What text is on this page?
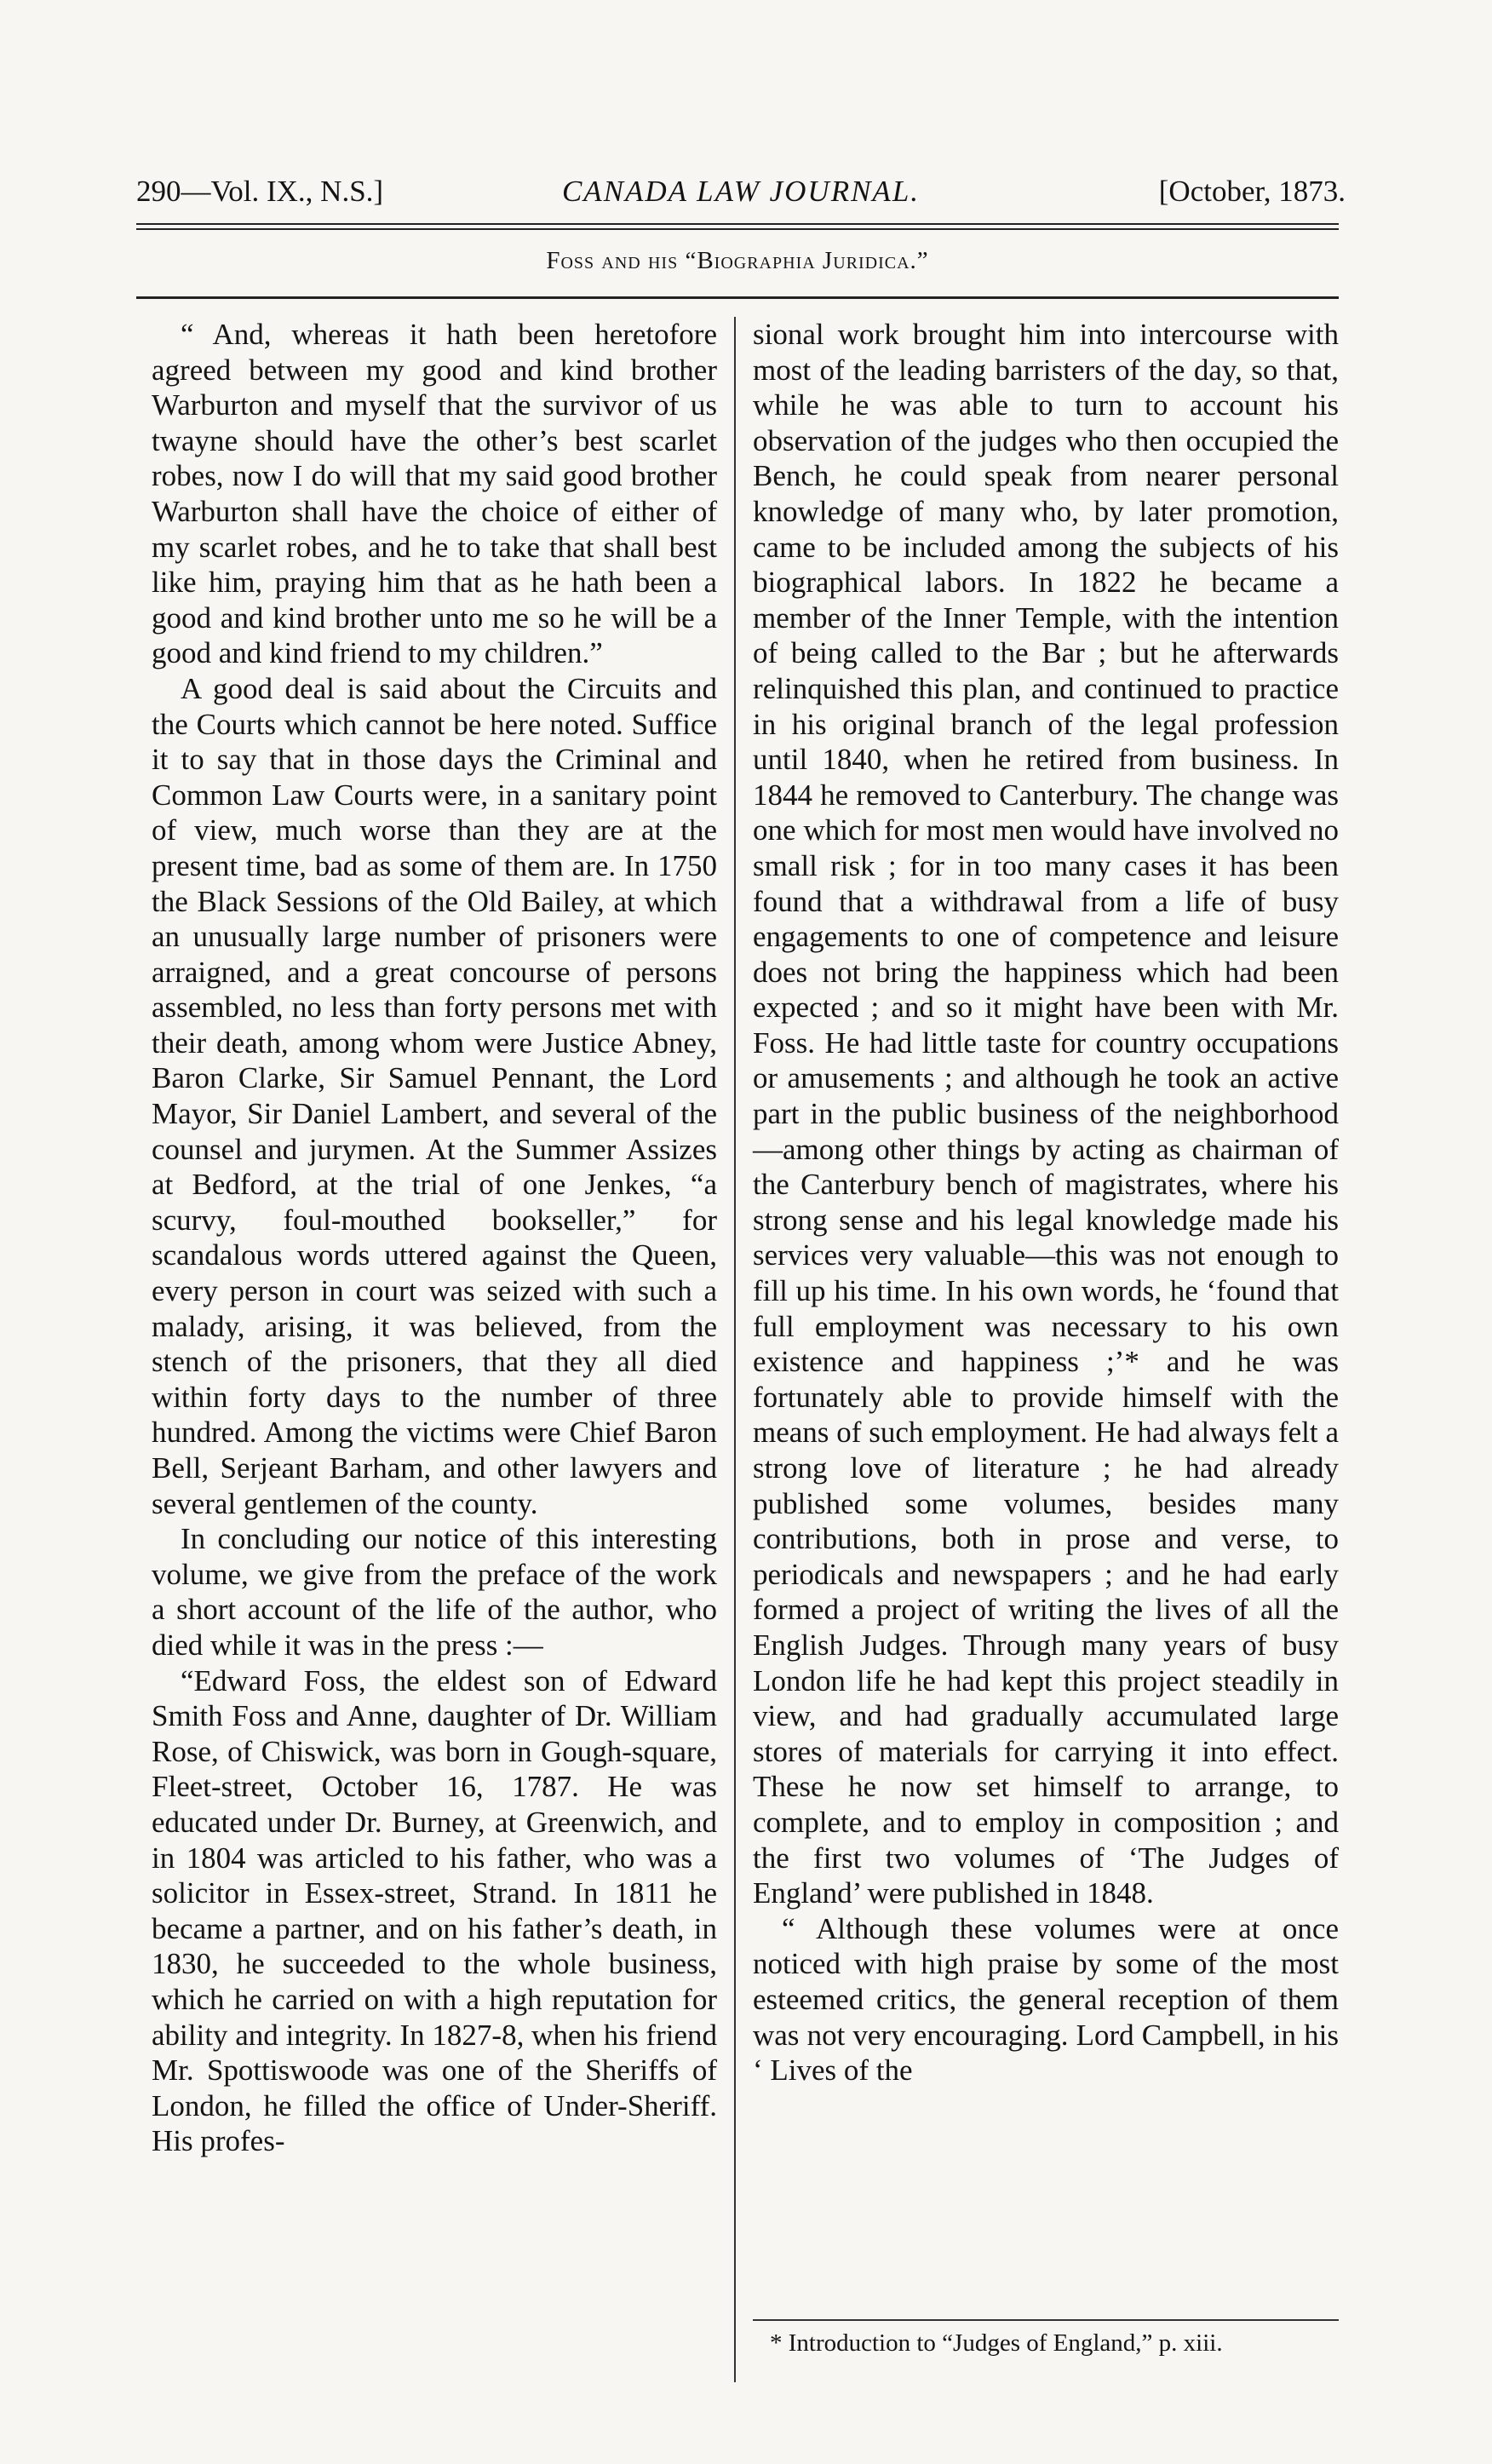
290—Vol. IX., N.S.]	CANADA LAW JOURNAL.	[October, 1873.
Foss and his “Biographia Juridica.”

“ And, whereas it hath been heretofore agreed between my good and kind brother Warburton and myself that the survivor of us twayne should have the other’s best scarlet robes, now I do will that my said good brother Warburton shall have the choice of either of my scarlet robes, and he to take that shall best like him, praying him that as he hath been a good and kind brother unto me so he will be a good and kind friend to my children.”

A good deal is said about the Circuits and the Courts which cannot be here noted. Suffice it to say that in those days the Criminal and Common Law Courts were, in a sanitary point of view, much worse than they are at the present time, bad as some of them are. In 1750 the Black Sessions of the Old Bailey, at which an unusually large number of prisoners were arraigned, and a great concourse of persons assembled, no less than forty persons met with their death, among whom were Justice Abney, Baron Clarke, Sir Samuel Pennant, the Lord Mayor, Sir Daniel Lambert, and several of the counsel and jurymen. At the Summer Assizes at Bedford, at the trial of one Jenkes, “a scurvy, foul-mouthed bookseller,” for scandalous words uttered against the Queen, every person in court was seized with such a malady, arising, it was believed, from the stench of the prisoners, that they all died within forty days to the number of three hundred. Among the victims were Chief Baron Bell, Serjeant Barham, and other lawyers and several gentlemen of the county.

In concluding our notice of this interesting volume, we give from the preface of the work a short account of the life of the author, who died while it was in the press :—

“Edward Foss, the eldest son of Edward Smith Foss and Anne, daughter of Dr. William Rose, of Chiswick, was born in Gough-square, Fleet-street, October 16, 1787. He was educated under Dr. Burney, at Greenwich, and in 1804 was articled to his father, who was a solicitor in Essex-street, Strand. In 1811 he became a partner, and on his father’s death, in 1830, he succeeded to the whole business, which he carried on with a high reputation for ability and integrity. In 1827-8, when his friend Mr. Spottiswoode was one of the Sheriffs of London, he filled the office of Under-Sheriff. His profes-

sional work brought him into intercourse with most of the leading barristers of the day, so that, while he was able to turn to account his observation of the judges who then occupied the Bench, he could speak from nearer personal knowledge of many who, by later promotion, came to be included among the subjects of his biographical labors. In 1822 he became a member of the Inner Temple, with the intention of being called to the Bar ; but he afterwards relinquished this plan, and continued to practice in his original branch of the legal profession until 1840, when he retired from business. In 1844 he removed to Canterbury. The change was one which for most men would have involved no small risk ; for in too many cases it has been found that a withdrawal from a life of busy engagements to one of competence and leisure does not bring the happiness which had been expected ; and so it might have been with Mr. Foss. He had little taste for country occupations or amusements ; and although he took an active part in the public business of the neighborhood—among other things by acting as chairman of the Canterbury bench of magistrates, where his strong sense and his legal knowledge made his services very valuable—this was not enough to fill up his time. In his own words, he ‘found that full employment was necessary to his own existence and happiness ;’* and he was fortunately able to provide himself with the means of such employment. He had always felt a strong love of literature ; he had already published some volumes, besides many contributions, both in prose and verse, to periodicals and newspapers ; and he had early formed a project of writing the lives of all the English Judges. Through many years of busy London life he had kept this project steadily in view, and had gradually accumulated large stores of materials for carrying it into effect. These he now set himself to arrange, to complete, and to employ in composition ; and the first two volumes of ‘The Judges of England’ were published in 1848.

“ Although these volumes were at once noticed with high praise by some of the most esteemed critics, the general reception of them was not very encouraging. Lord Campbell, in his ‘ Lives of the

* Introduction to “Judges of England,” p. xiii.
